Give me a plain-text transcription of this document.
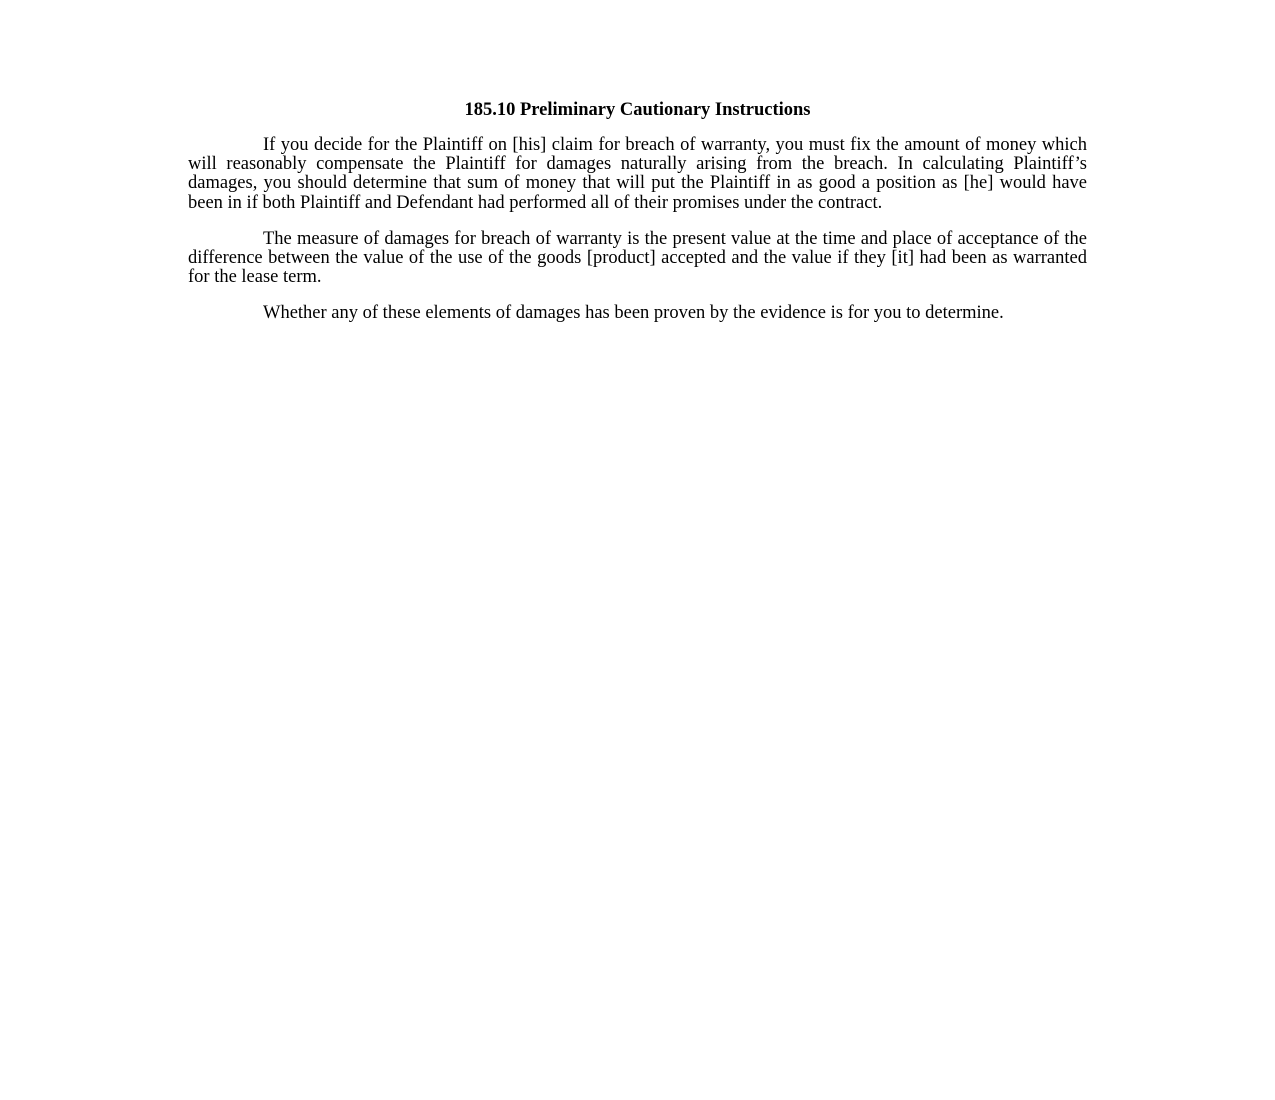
185.10 Preliminary Cautionary Instructions

If you decide for the Plaintiff on [his] claim for breach of warranty, you must fix the amount of money which will reasonably compensate the Plaintiff for damages naturally arising from the breach. In calculating Plaintiff’s damages, you should determine that sum of money that will put the Plaintiff in as good a position as [he] would have been in if both Plaintiff and Defendant had performed all of their promises under the contract.

The measure of damages for breach of warranty is the present value at the time and place of acceptance of the difference between the value of the use of the goods [product] accepted and the value if they [it] had been as warranted for the lease term.

Whether any of these elements of damages has been proven by the evidence is for you to determine.
